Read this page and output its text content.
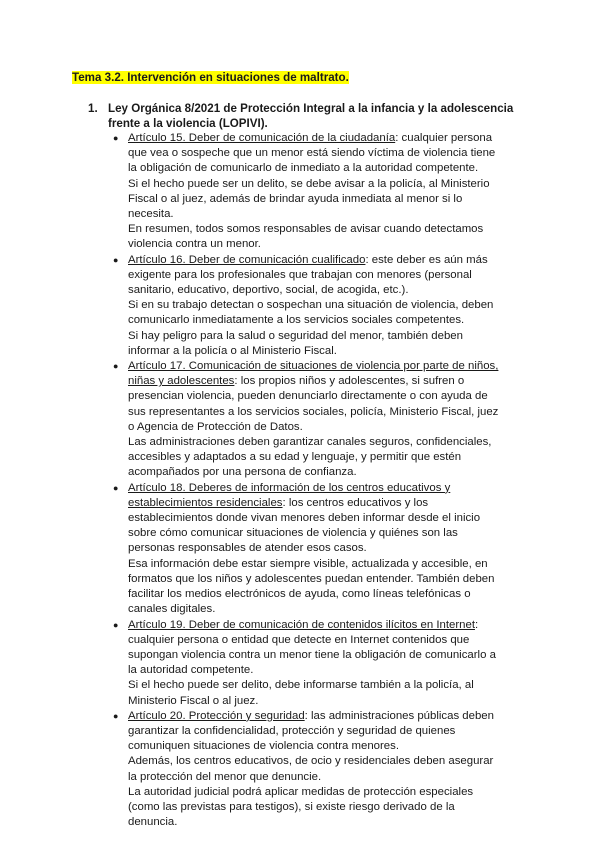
Tema 3.2. Intervención en situaciones de maltrato.
1. Ley Orgánica 8/2021 de Protección Integral a la infancia y la adolescencia frente a la violencia (LOPIVI).
● Artículo 15. Deber de comunicación de la ciudadanía: cualquier persona que vea o sospeche que un menor está siendo víctima de violencia tiene la obligación de comunicarlo de inmediato a la autoridad competente.

Si el hecho puede ser un delito, se debe avisar a la policía, al Ministerio Fiscal o al juez, además de brindar ayuda inmediata al menor si lo necesita.

En resumen, todos somos responsables de avisar cuando detectamos violencia contra un menor.

● Artículo 16. Deber de comunicación cualificado: este deber es aún más exigente para los profesionales que trabajan con menores (personal sanitario, educativo, deportivo, social, de acogida, etc.).

Si en su trabajo detectan o sospechan una situación de violencia, deben comunicarlo inmediatamente a los servicios sociales competentes.

Si hay peligro para la salud o seguridad del menor, también deben informar a la policía o al Ministerio Fiscal.

● Artículo 17. Comunicación de situaciones de violencia por parte de niños, niñas y adolescentes: los propios niños y adolescentes, si sufren o presencian violencia, pueden denunciarlo directamente o con ayuda de sus representantes a los servicios sociales, policía, Ministerio Fiscal, juez o Agencia de Protección de Datos.

Las administraciones deben garantizar canales seguros, confidenciales, accesibles y adaptados a su edad y lenguaje, y permitir que estén acompañados por una persona de confianza.

● Artículo 18. Deberes de información de los centros educativos y establecimientos residenciales: los centros educativos y los establecimientos donde vivan menores deben informar desde el inicio sobre cómo comunicar situaciones de violencia y quiénes son las personas responsables de atender esos casos.

Esa información debe estar siempre visible, actualizada y accesible, en formatos que los niños y adolescentes puedan entender. También deben facilitar los medios electrónicos de ayuda, como líneas telefónicas o canales digitales.

● Artículo 19. Deber de comunicación de contenidos ilícitos en Internet: cualquier persona o entidad que detecte en Internet contenidos que supongan violencia contra un menor tiene la obligación de comunicarlo a la autoridad competente.

Si el hecho puede ser delito, debe informarse también a la policía, al Ministerio Fiscal o al juez.

● Artículo 20. Protección y seguridad: las administraciones públicas deben garantizar la confidencialidad, protección y seguridad de quienes comuniquen situaciones de violencia contra menores.

Además, los centros educativos, de ocio y residenciales deben asegurar la protección del menor que denuncie.

La autoridad judicial podrá aplicar medidas de protección especiales (como las previstas para testigos), si existe riesgo derivado de la denuncia.
